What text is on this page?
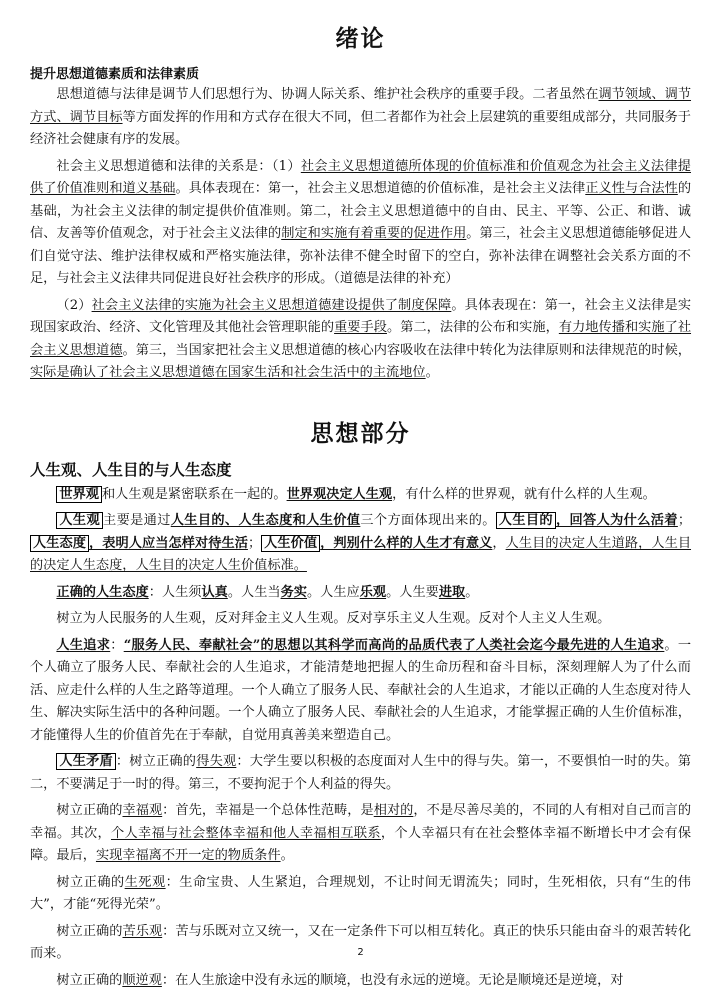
绪论
提升思想道德素质和法律素质

思想道德与法律是调节人们思想行为、协调人际关系、维护社会秩序的重要手段。二者虽然在调节领域、调节方式、调节目标等方面发挥的作用和方式存在很大不同，但二者都作为社会上层建筑的重要组成部分，共同服务于经济社会健康有序的发展。

社会主义思想道德和法律的关系是：（1）社会主义思想道德所体现的价值标准和价值观念为社会主义法律提供了价值准则和道义基础。具体表现在：第一，社会主义思想道德的价值标准，是社会主义法律正义性与合法性的基础，为社会主义法律的制定提供价值准则。第二，社会主义思想道德中的自由、民主、平等、公正、和谐、诚信、友善等价值观念，对于社会主义法律的制定和实施有着重要的促进作用。第三，社会主义思想道德能够促进人们自觉守法、维护法律权威和严格实施法律，弥补法律不健全时留下的空白，弥补法律在调整社会关系方面的不足，与社会主义法律共同促进良好社会秩序的形成。（道德是法律的补充）

（2）社会主义法律的实施为社会主义思想道德建设提供了制度保障。具体表现在：第一，社会主义法律是实现国家政治、经济、文化管理及其他社会管理职能的重要手段。第二，法律的公布和实施，有力地传播和实施了社会主义思想道德。第三，当国家把社会主义思想道德的核心内容吸收在法律中转化为法律原则和法律规范的时候，实际是确认了社会主义思想道德在国家生活和社会生活中的主流地位。

思想部分
人生观、人生目的与人生态度

世界观 和人生观是紧密联系在一起的。世界观决定人生观，有什么样的世界观，就有什么样的人生观。

人生观 主要是通过人生目的、人生态度和人生价值三个方面体现出来的。 人生目的 ，回答人为什么活着；人生态度 ，表明人应当怎样对待生活； 人生价值 ，判别什么样的人生才有意义，人生目的决定人生道路，人生目的决定人生态度，人生目的决定人生价值标准。

正确的人生态度：人生须认真。人生当务实。人生应乐观。人生要进取。

树立为人民服务的人生观，反对拜金主义人生观。反对享乐主义人生观。反对个人主义人生观。

人生追求：“服务人民、奉献社会”的思想以其科学而高尚的品质代表了人类社会迄今最先进的人生追求。一个人确立了服务人民、奉献社会的人生追求，才能清楚地把握人的生命历程和奋斗目标，深刻理解人为了什么而活、应走什么样的人生之路等道理。一个人确立了服务人民、奉献社会的人生追求，才能以正确的人生态度对待人生、解决实际生活中的各种问题。一个人确立了服务人民、奉献社会的人生追求，才能掌握正确的人生价值标准，才能懂得人生的价值首先在于奉献，自觉用真善美来塑造自己。

人生矛盾 ：树立正确的得失观：大学生要以积极的态度面对人生中的得与失。第一，不要惧怕一时的失。第二，不要满足于一时的得。第三，不要拘泥于个人利益的得失。

树立正确的幸福观：首先，幸福是一个总体性范畴，是相对的，不是尽善尽美的，不同的人有相对自己而言的幸福。其次，个人幸福与社会整体幸福和他人幸福相互联系，个人幸福只有在社会整体幸福不断增长中才会有保障。最后，实现幸福离不开一定的物质条件。

树立正确的生死观：生命宝贵、人生紧迫，合理规划，不让时间无谓流失；同时，生死相依，只有“生的伟大”，才能“死得光荣”。

树立正确的苦乐观：苦与乐既对立又统一，又在一定条件下可以相互转化。真正的快乐只能由奋斗的艰苦转化而来。

树立正确的顺逆观：在人生旅途中没有永远的顺境，也没有永远的逆境。无论是顺境还是逆境，对

2
